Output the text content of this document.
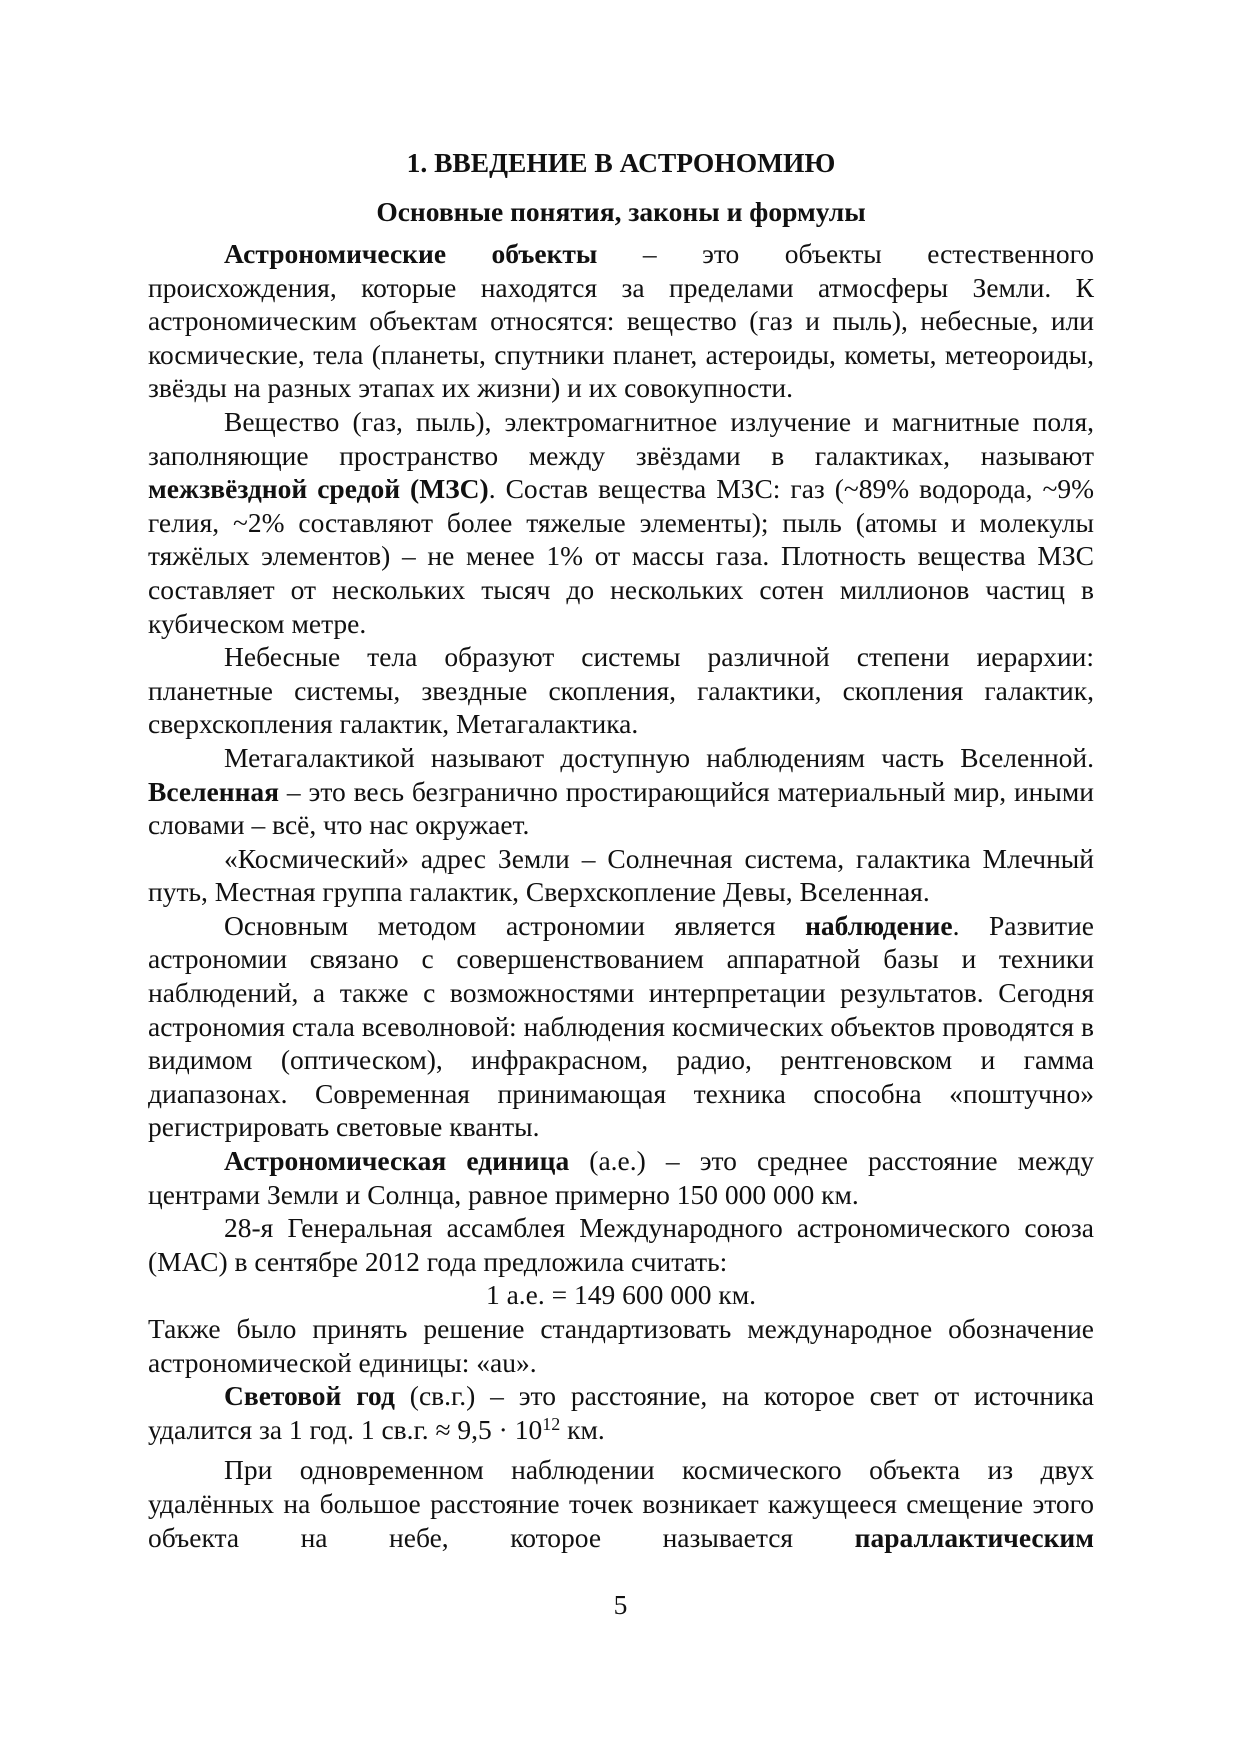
1. ВВЕДЕНИЕ В АСТРОНОМИЮ
Основные понятия, законы и формулы

Астрономические объекты – это объекты естественного происхождения, которые находятся за пределами атмосферы Земли. К астрономическим объектам относятся: вещество (газ и пыль), небесные, или космические, тела (планеты, спутники планет, астероиды, кометы, метеороиды, звёзды на разных этапах их жизни) и их совокупности.

Вещество (газ, пыль), электромагнитное излучение и магнитные поля, заполняющие пространство между звёздами в галактиках, называют межзвёздной средой (МЗС). Состав вещества МЗС: газ (~89% водорода, ~9% гелия, ~2% составляют более тяжелые элементы); пыль (атомы и молекулы тяжёлых элементов) – не менее 1% от массы газа. Плотность вещества МЗС составляет от нескольких тысяч до нескольких сотен миллионов частиц в кубическом метре.

Небесные тела образуют системы различной степени иерархии: планетные системы, звездные скопления, галактики, скопления галактик, сверхскопления галактик, Метагалактика.

Метагалактикой называют доступную наблюдениям часть Вселенной. Вселенная – это весь безгранично простирающийся материальный мир, иными словами – всё, что нас окружает.

«Космический» адрес Земли – Солнечная система, галактика Млечный путь, Местная группа галактик, Сверхскопление Девы, Вселенная.

Основным методом астрономии является наблюдение. Развитие астрономии связано с совершенствованием аппаратной базы и техники наблюдений, а также с возможностями интерпретации результатов. Сегодня астрономия стала всеволновой: наблюдения космических объектов проводятся в видимом (оптическом), инфракрасном, радио, рентгеновском и гамма диапазонах. Современная принимающая техника способна «поштучно» регистрировать световые кванты.

Астрономическая единица (а.е.) – это среднее расстояние между центрами Земли и Солнца, равное примерно 150 000 000 км.

28-я Генеральная ассамблея Международного астрономического союза (МАС) в сентябре 2012 года предложила считать:

1 а.е. = 149 600 000 км.

Также было принять решение стандартизовать международное обозначение астрономической единицы: «au».

Световой год (св.г.) – это расстояние, на которое свет от источника удалится за 1 год. 1 св.г. ≈ $9,5 \cdot 10^{12}$ км.

При одновременном наблюдении космического объекта из двух удалённых на большое расстояние точек возникает кажущееся смещение этого объекта на небе, которое называется параллактическим

5
